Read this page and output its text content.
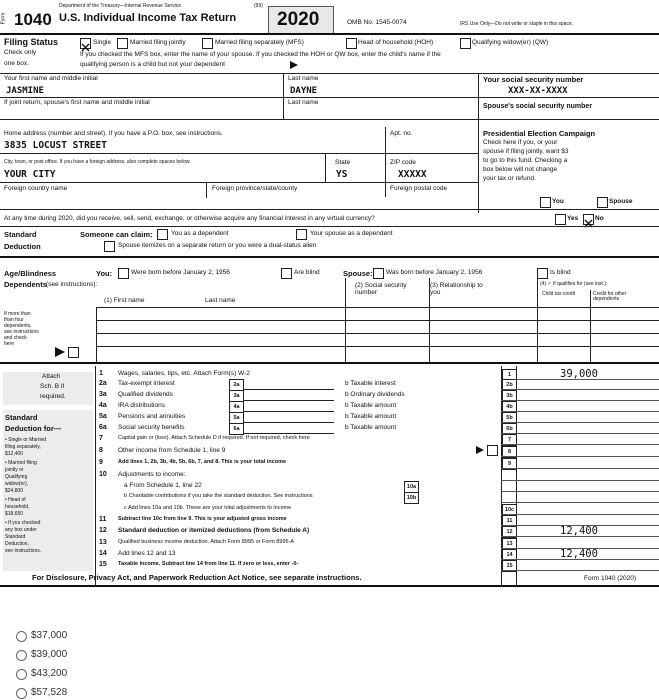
Form 1040
Department of the Treasury—Internal Revenue Service	(99)
U.S. Individual Income Tax Return 2020	OMB No. 1545-0074	IRS Use Only—Do not write or staple in this space.
Filing Status
Check only
one box.
Single	Married filing jointly	Married filing separately (MFS)	Head of household (HOH)	Qualifying widow(er) (QW)
If you checked the MFS box, enter the name of your spouse. If you checked the HOH or QW box, enter the child's name if the
qualifying person is a child but not your dependent
Your first name and middle initial
JASMINE
Last name
DAYNE
Your social security number
XXX-XX-XXXX
If joint return, spouse's first name and middle initial	Last name
Spouse's social security number
Home address (number and street). If you have a P.O. box, see instructions.
3835 LOCUST STREET
Apt. no.
City, town, or post office. If you have a foreign address, also complete spaces below.	State	ZIP code
YOUR CITY	YS	XXXXX
Foreign country name	Foreign province/state/county	Foreign postal code
Presidential Election Campaign
Check here if you, or your
spouse if filing jointly, want $3
to go to this fund. Checking a
box below will not change
your tax or refund.
You	Spouse
At any time during 2020, did you receive, sell, send, exchange, or otherwise acquire any financial interest in any virtual currency?	Yes	No
Standard
Deduction
Someone can claim:	You as a dependent	Your spouse as a dependent
Spouse itemizes on a separate return or you were a dual-status alien
Age/Blindness	You:	Were born before January 2, 1956	Are blind	Spouse: Was born before January 2, 1956	Is blind
Dependents (see instructions):
(1) First name	Last name
(2) Social security number
(3) Relationship to you
(4) ✓ if qualifies for (see inst.):
Child tax credit	Credit for other dependents
If more than
than four
dependents,
see instructions
and check
here
Attach
Sch. B if
required.
Standard
Deduction for—
• Single or Married
filing separately,
$12,400
• Married filing
jointly or
Qualifying
widow(er),
$24,800
• Head of
household,
$18,650
• If you checked
any box under
Standard
Deduction,
see instructions.
1 Wages, salaries, tips, etc. Attach Form(s) W-2	1	39,000
2a Tax-exempt interest	2a	b Taxable interest	2b
3a Qualified dividends	3a	b Ordinary dividends	3b
4a IRA distributions	4a	b Taxable amount	4b
5a Pensions and annuities	5a	b Taxable amount	5b
6a Social security benefits	6a	b Taxable amount	6b
7	Capital gain or (loss). Attach Schedule D if required. If not required, check here	7
8 Other income from Schedule 1, line 9	8
9	Add lines 1, 2b, 3b, 4b, 5b, 6b, 7, and 8. This is your total income	9
10 Adjustments to income:
a From Schedule 1, line 22	10a
b Charitable contributions if you take the standard deduction. See instructions	10b
c Add lines 10a and 10b. These are your total adjustments to income	10c
11 Subtract line 10c from line 9. This is your adjusted gross income	11
12 Standard deduction or itemized deductions (from Schedule A)	12	12,400
13 Qualified business income deduction. Attach Form 8995 or Form 8995-A	13
14 Add lines 12 and 13	14	12,400
15 Taxable income. Subtract line 14 from line 11. If zero or less, enter -0-	15
For Disclosure, Privacy Act, and Paperwork Reduction Act Notice, see separate instructions.	Form 1040 (2020)
$37,000
$39,000
$43,200
$57,528
